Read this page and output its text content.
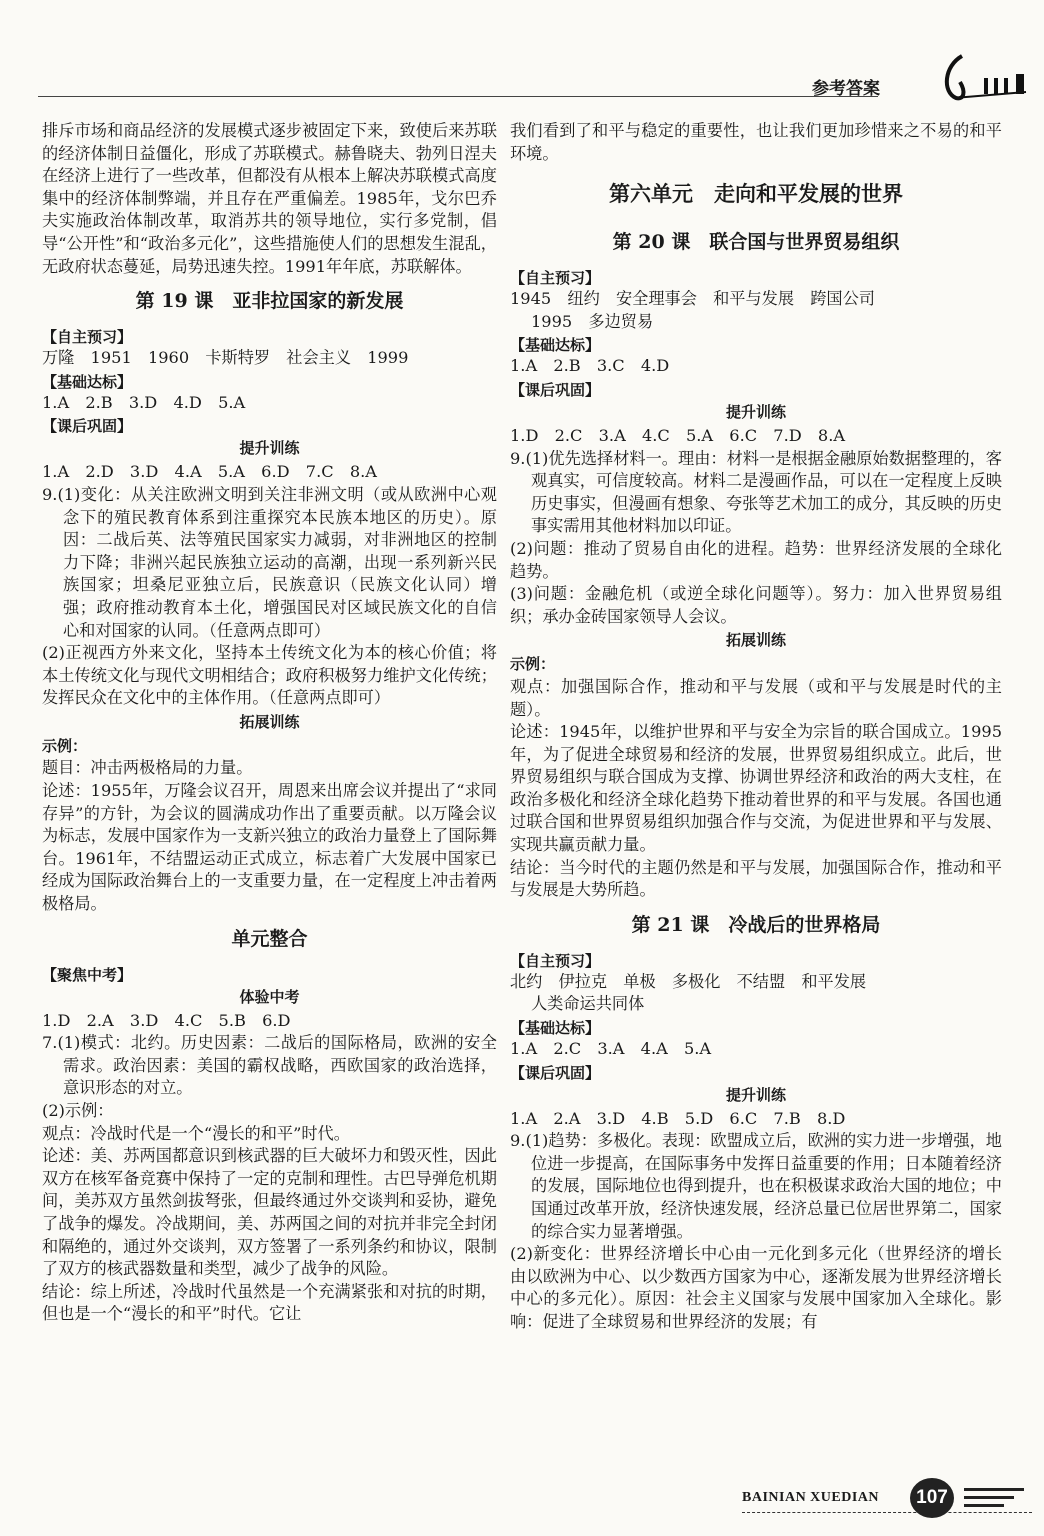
参考答案

排斥市场和商品经济的发展模式逐步被固定下来，致使后来苏联的经济体制日益僵化，形成了苏联模式。赫鲁晓夫、勃列日涅夫在经济上进行了一些改革，但都没有从根本上解决苏联模式高度集中的经济体制弊端，并且存在严重偏差。1985年，戈尔巴乔夫实施政治体制改革，取消苏共的领导地位，实行多党制，倡导“公开性”和“政治多元化”，这些措施使人们的思想发生混乱，无政府状态蔓延，局势迅速失控。1991年年底，苏联解体。

第 19 课　亚非拉国家的新发展

【自主预习】

万隆　1951　1960　卡斯特罗　社会主义　1999

【基础达标】

1.A　2.B　3.D　4.D　5.A

【课后巩固】

提升训练

1.A　2.D　3.D　4.A　5.A　6.D　7.C　8.A

9.(1)变化：从关注欧洲文明到关注非洲文明（或从欧洲中心观念下的殖民教育体系到注重探究本民族本地区的历史）。原因：二战后英、法等殖民国家实力减弱，对非洲地区的控制力下降；非洲兴起民族独立运动的高潮，出现一系列新兴民族国家；坦桑尼亚独立后，民族意识（民族文化认同）增强；政府推动教育本土化，增强国民对区域民族文化的自信心和对国家的认同。（任意两点即可）

(2)正视西方外来文化，坚持本土传统文化为本的核心价值；将本土传统文化与现代文明相结合；政府积极努力维护文化传统；发挥民众在文化中的主体作用。（任意两点即可）

拓展训练

示例：

题目：冲击两极格局的力量。

论述：1955年，万隆会议召开，周恩来出席会议并提出了“求同存异”的方针，为会议的圆满成功作出了重要贡献。以万隆会议为标志，发展中国家作为一支新兴独立的政治力量登上了国际舞台。1961年，不结盟运动正式成立，标志着广大发展中国家已经成为国际政治舞台上的一支重要力量，在一定程度上冲击着两极格局。

单元整合

【聚焦中考】

体验中考

1.D　2.A　3.D　4.C　5.B　6.D

7.(1)模式：北约。历史因素：二战后的国际格局，欧洲的安全需求。政治因素：美国的霸权战略，西欧国家的政治选择，意识形态的对立。

(2)示例：

观点：冷战时代是一个“漫长的和平”时代。

论述：美、苏两国都意识到核武器的巨大破坏力和毁灭性，因此双方在核军备竞赛中保持了一定的克制和理性。古巴导弹危机期间，美苏双方虽然剑拔弩张，但最终通过外交谈判和妥协，避免了战争的爆发。冷战期间，美、苏两国之间的对抗并非完全封闭和隔绝的，通过外交谈判，双方签署了一系列条约和协议，限制了双方的核武器数量和类型，减少了战争的风险。

结论：综上所述，冷战时代虽然是一个充满紧张和对抗的时期，但也是一个“漫长的和平”时代。它让

我们看到了和平与稳定的重要性，也让我们更加珍惜来之不易的和平环境。

第六单元　走向和平发展的世界

第 20 课　联合国与世界贸易组织

【自主预习】

1945　纽约　安全理事会　和平与发展　跨国公司

1995　多边贸易

【基础达标】

1.A　2.B　3.C　4.D

【课后巩固】

提升训练

1.D　2.C　3.A　4.C　5.A　6.C　7.D　8.A

9.(1)优先选择材料一。理由：材料一是根据金融原始数据整理的，客观真实，可信度较高。材料二是漫画作品，可以在一定程度上反映历史事实，但漫画有想象、夸张等艺术加工的成分，其反映的历史事实需用其他材料加以印证。

(2)问题：推动了贸易自由化的进程。趋势：世界经济发展的全球化趋势。

(3)问题：金融危机（或逆全球化问题等）。努力：加入世界贸易组织；承办金砖国家领导人会议。

拓展训练

示例：

观点：加强国际合作，推动和平与发展（或和平与发展是时代的主题）。

论述：1945年，以维护世界和平与安全为宗旨的联合国成立。1995年，为了促进全球贸易和经济的发展，世界贸易组织成立。此后，世界贸易组织与联合国成为支撑、协调世界经济和政治的两大支柱，在政治多极化和经济全球化趋势下推动着世界的和平与发展。各国也通过联合国和世界贸易组织加强合作与交流，为促进世界和平与发展、实现共赢贡献力量。

结论：当今时代的主题仍然是和平与发展，加强国际合作，推动和平与发展是大势所趋。

第 21 课　冷战后的世界格局

【自主预习】

北约　伊拉克　单极　多极化　不结盟　和平发展

人类命运共同体

【基础达标】

1.A　2.C　3.A　4.A　5.A

【课后巩固】

提升训练

1.A　2.A　3.D　4.B　5.D　6.C　7.B　8.D

9.(1)趋势：多极化。表现：欧盟成立后，欧洲的实力进一步增强，地位进一步提高，在国际事务中发挥日益重要的作用；日本随着经济的发展，国际地位也得到提升，也在积极谋求政治大国的地位；中国通过改革开放，经济快速发展，经济总量已位居世界第二，国家的综合实力显著增强。

(2)新变化：世界经济增长中心由一元化到多元化（世界经济的增长由以欧洲为中心、以少数西方国家为中心，逐渐发展为世界经济增长中心的多元化）。原因：社会主义国家与发展中国家加入全球化。影响：促进了全球贸易和世界经济的发展；有

BAINIAN XUEDIAN	107
